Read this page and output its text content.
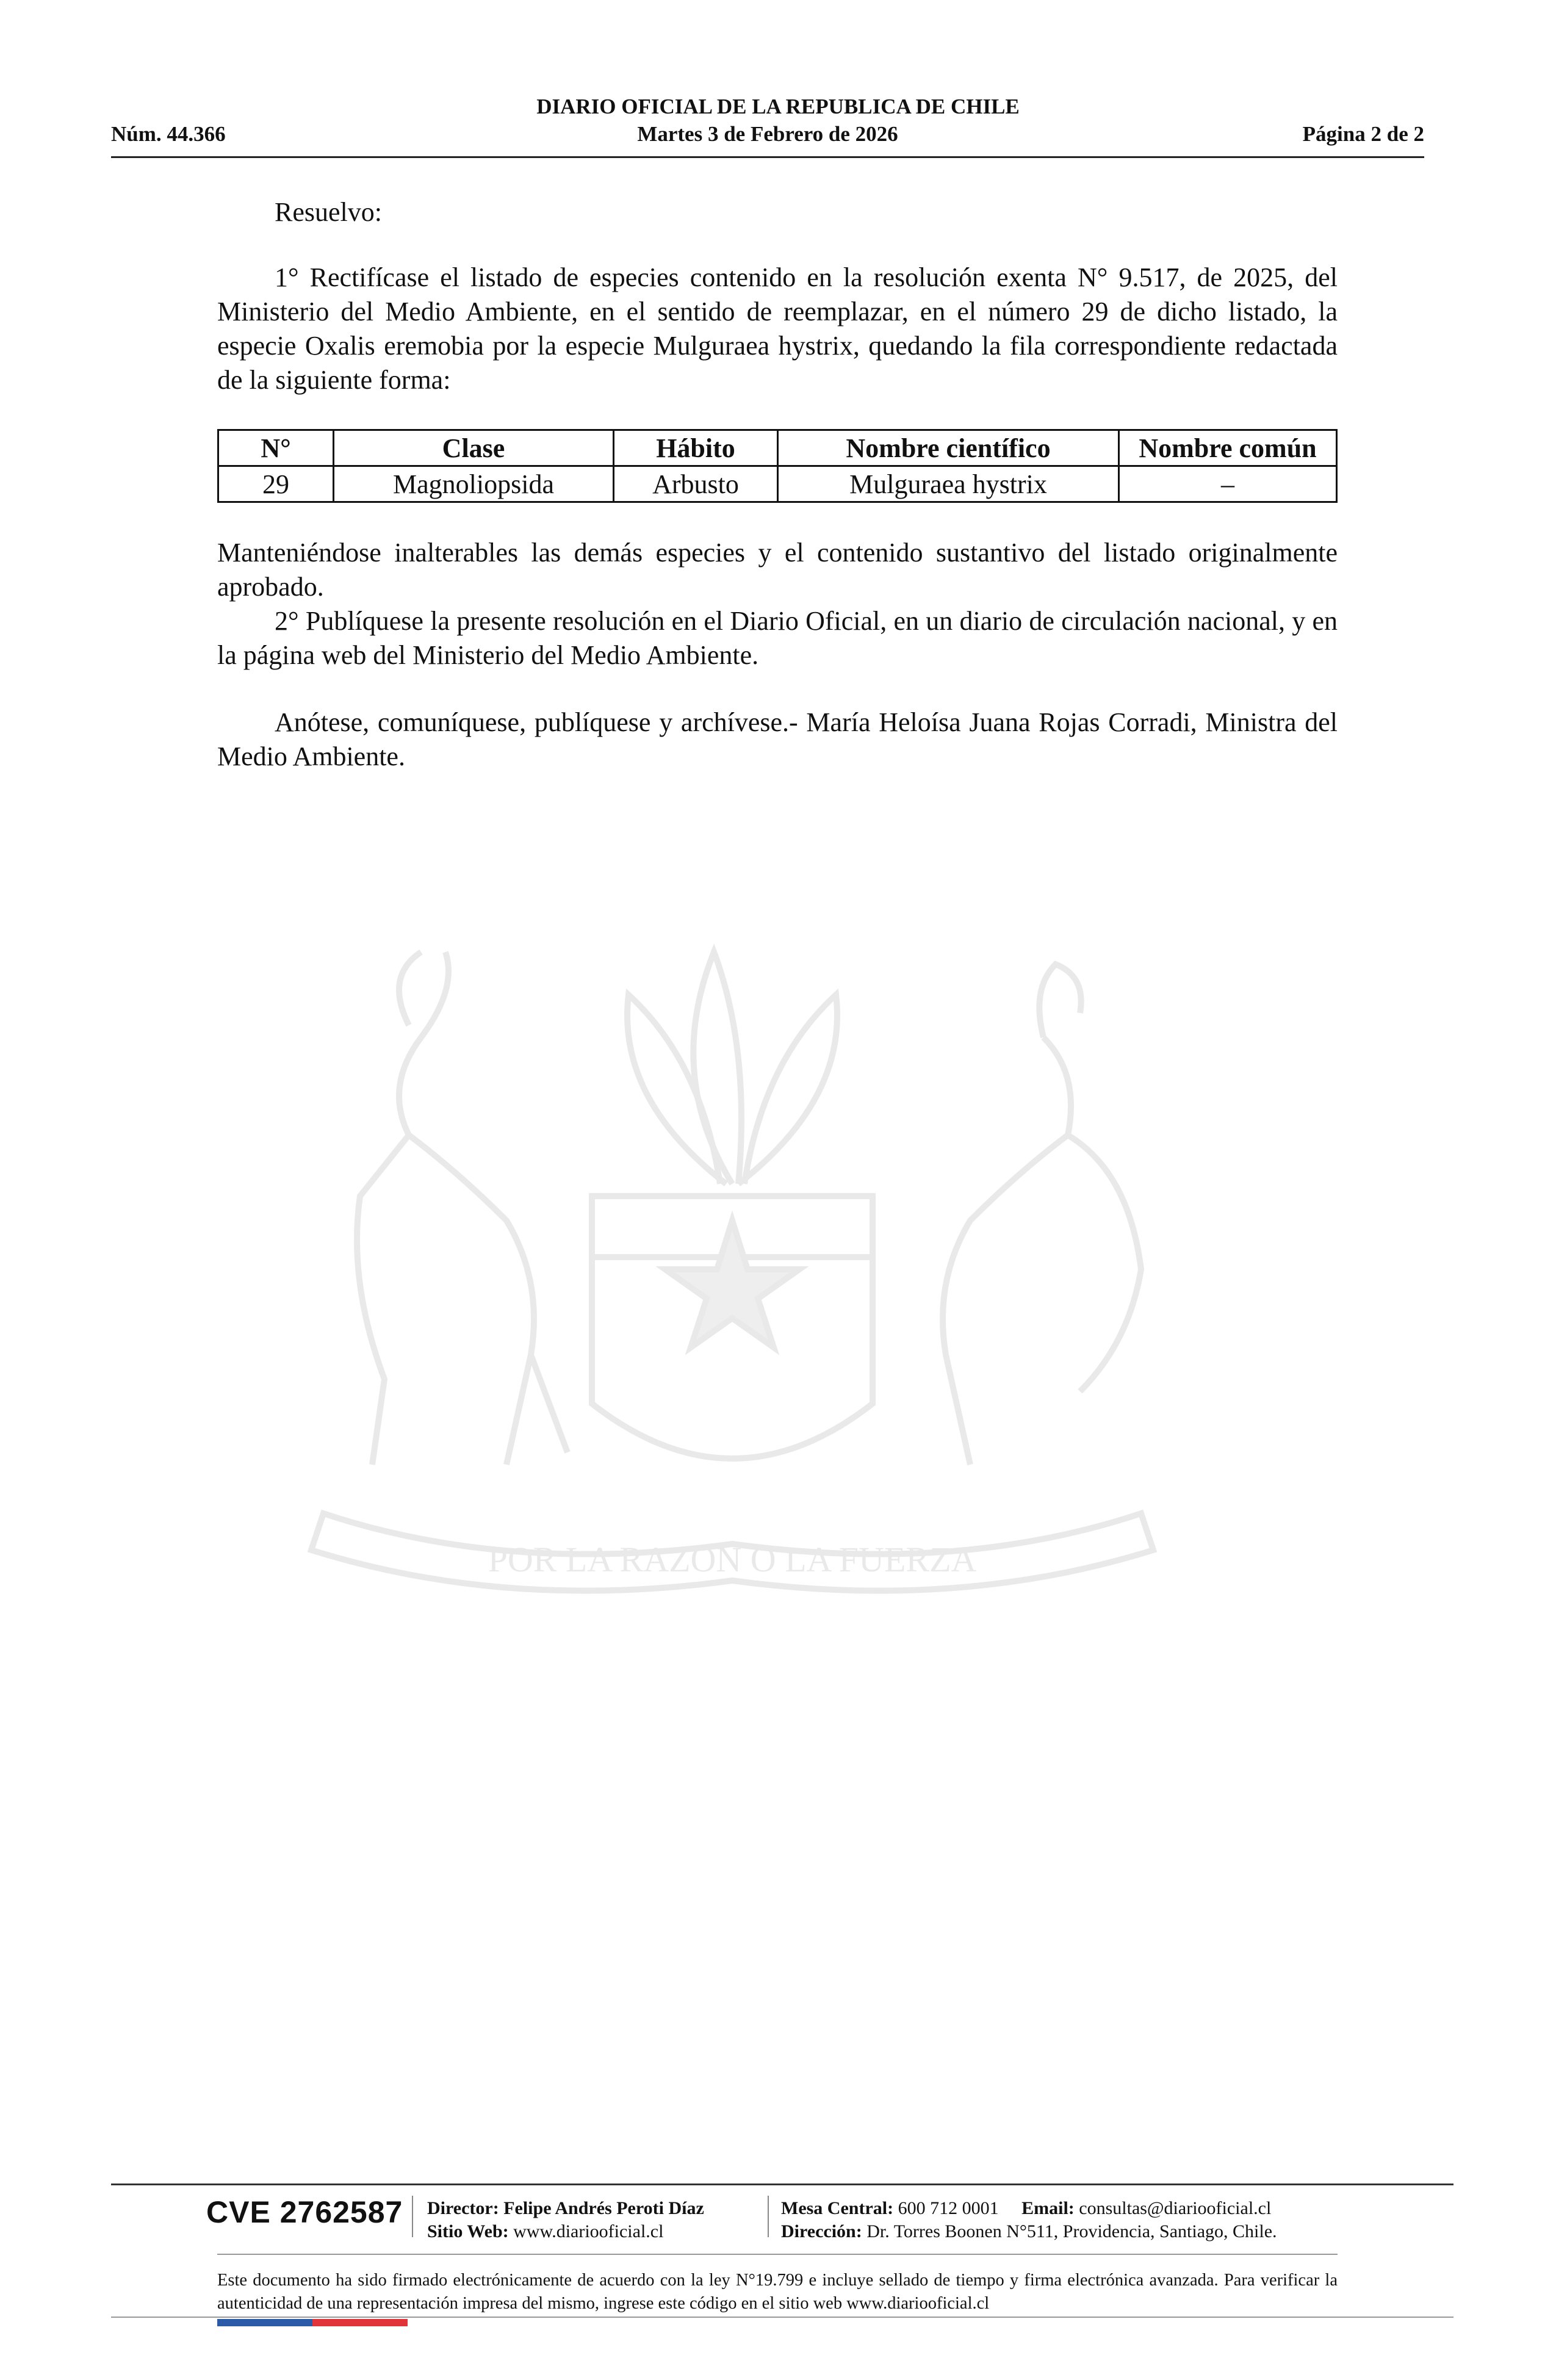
DIARIO OFICIAL DE LA REPUBLICA DE CHILE
Núm. 44.366	Martes 3 de Febrero de 2026	Página 2 de 2
POR LA RAZON O LA FUERZA

Resuelvo:

1° Rectifícase el listado de especies contenido en la resolución exenta N° 9.517, de 2025, del Ministerio del Medio Ambiente, en el sentido de reemplazar, en el número 29 de dicho listado, la especie Oxalis eremobia por la especie Mulguraea hystrix, quedando la fila correspondiente redactada de la siguiente forma:

N°	Clase	Hábito	Nombre científico	Nombre común
29	Magnoliopsida	Arbusto	Mulguraea hystrix	–

Manteniéndose inalterables las demás especies y el contenido sustantivo del listado originalmente aprobado.

2° Publíquese la presente resolución en el Diario Oficial, en un diario de circulación nacional, y en la página web del Ministerio del Medio Ambiente.

Anótese, comuníquese, publíquese y archívese.- María Heloísa Juana Rojas Corradi, Ministra del Medio Ambiente.

CVE 2762587 Director: Felipe Andrés Peroti Díaz
Sitio Web: www.diariooficial.cl
Mesa Central: 600 712 0001 Email: consultas@diariooficial.cl
Dirección: Dr. Torres Boonen N°511, Providencia, Santiago, Chile.
Este documento ha sido firmado electrónicamente de acuerdo con la ley N°19.799 e incluye sellado de tiempo y firma electrónica avanzada. Para verificar la autenticidad de una representación impresa del mismo, ingrese este código en el sitio web www.diariooficial.cl
